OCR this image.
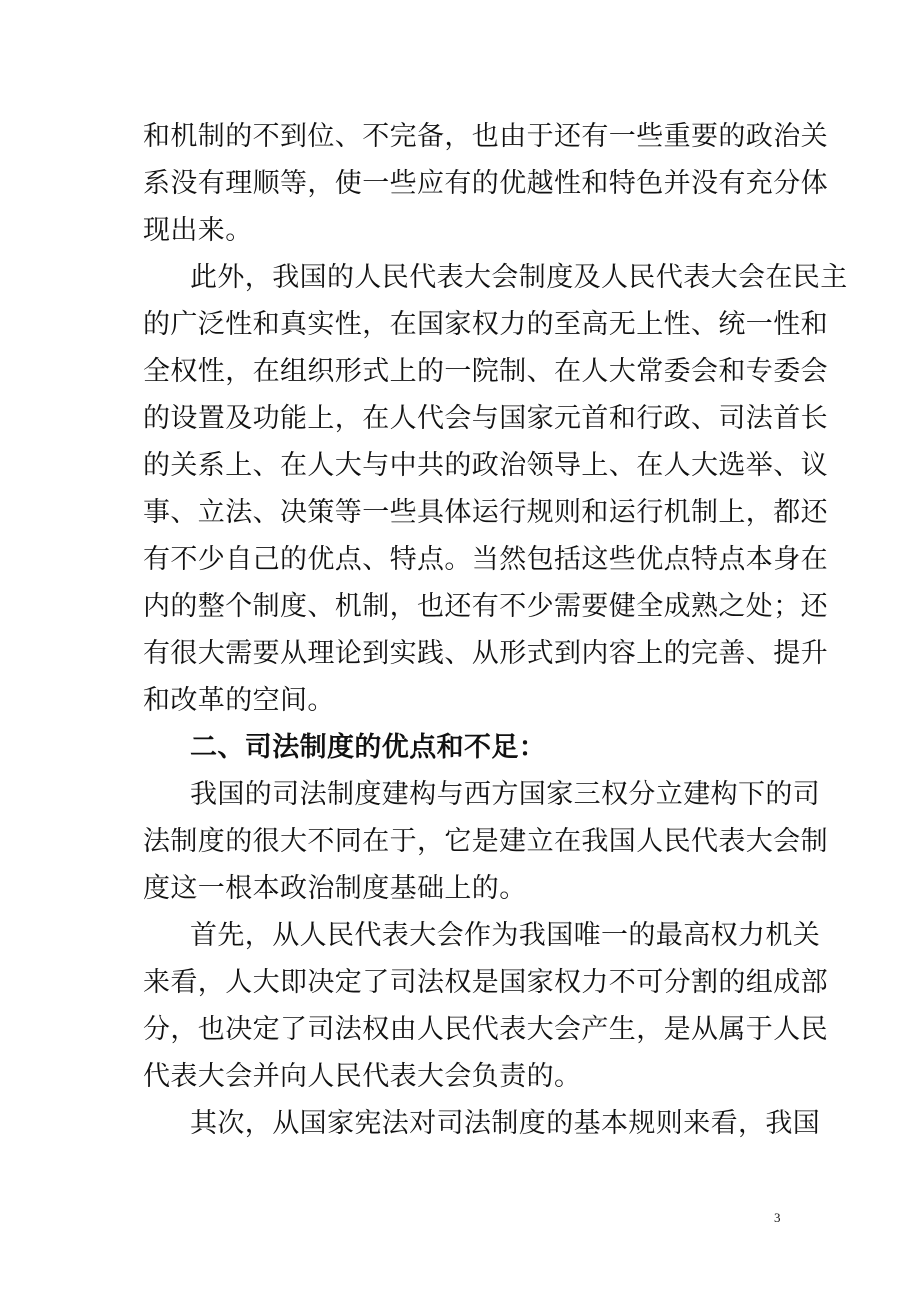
和机制的不到位、不完备，也由于还有一些重要的政治关
系没有理顺等，使一些应有的优越性和特色并没有充分体
现出来。
此外，我国的人民代表大会制度及人民代表大会在民主
的广泛性和真实性，在国家权力的至高无上性、统一性和
全权性，在组织形式上的一院制、在人大常委会和专委会
的设置及功能上，在人代会与国家元首和行政、司法首长
的关系上、在人大与中共的政治领导上、在人大选举、议
事、立法、决策等一些具体运行规则和运行机制上，都还
有不少自己的优点、特点。当然包括这些优点特点本身在
内的整个制度、机制，也还有不少需要健全成熟之处；还
有很大需要从理论到实践、从形式到内容上的完善、提升
和改革的空间。
二、司法制度的优点和不足：
我国的司法制度建构与西方国家三权分立建构下的司
法制度的很大不同在于，它是建立在我国人民代表大会制
度这一根本政治制度基础上的。
首先，从人民代表大会作为我国唯一的最高权力机关
来看，人大即决定了司法权是国家权力不可分割的组成部
分，也决定了司法权由人民代表大会产生，是从属于人民
代表大会并向人民代表大会负责的。
其次，从国家宪法对司法制度的基本规则来看，我国
3
